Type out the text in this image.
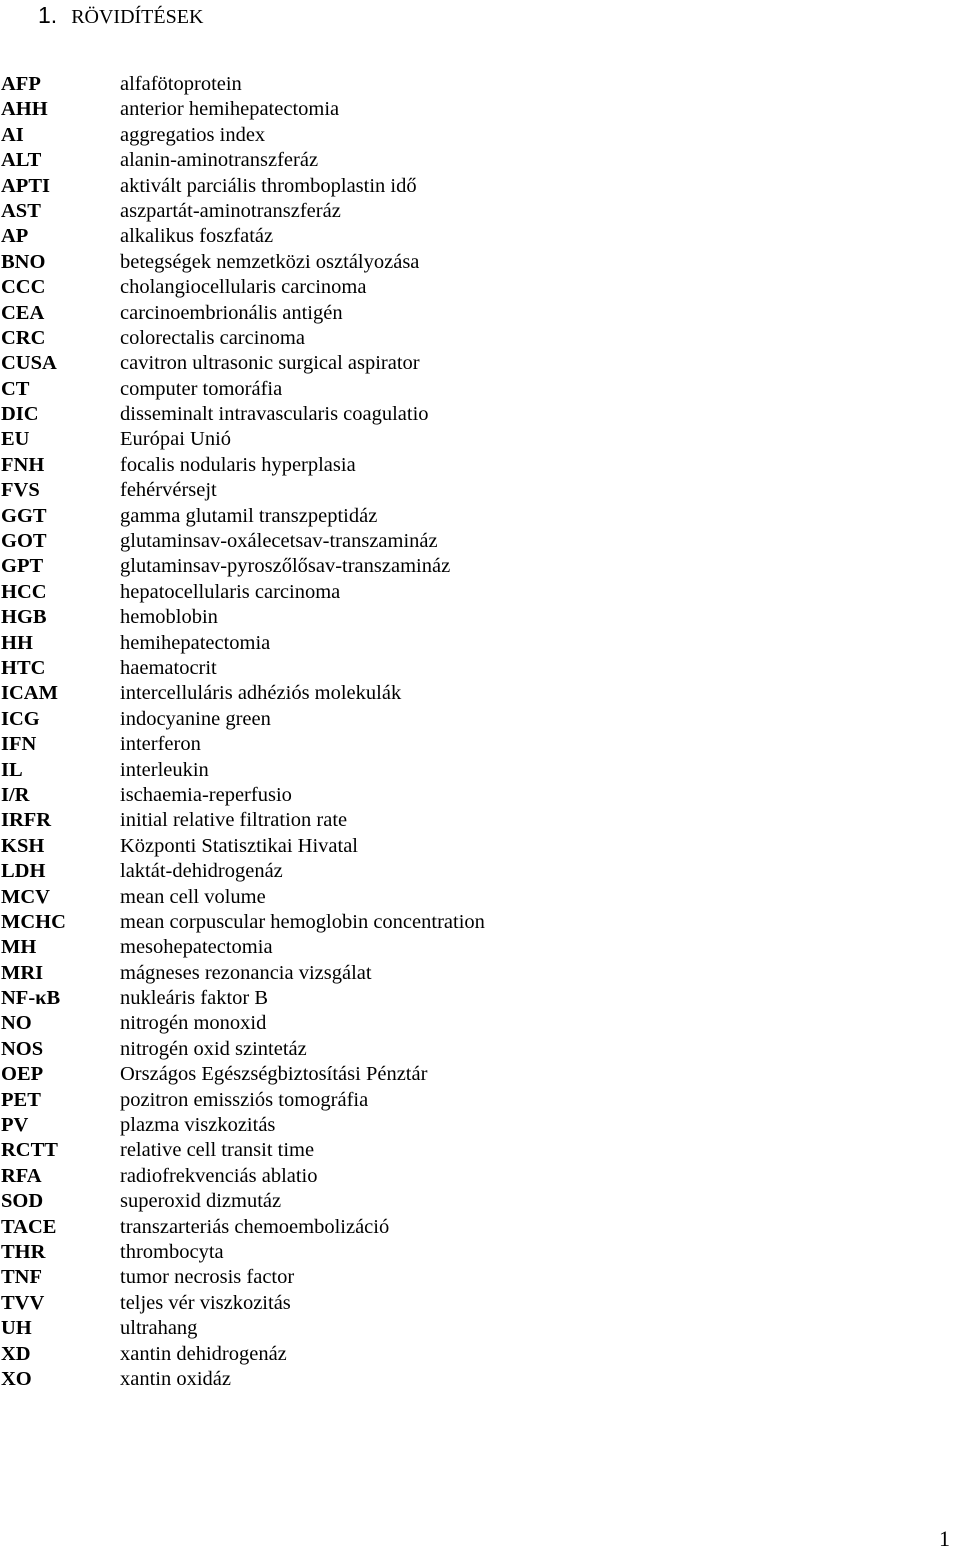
1. RÖVIDÍTÉSEK
AFP	alfafötoprotein
AHH	anterior hemihepatectomia
AI	aggregatios index
ALT	alanin-aminotranszferáz
APTI	aktivált parciális thromboplastin idő
AST	aszpartát-aminotranszferáz
AP	alkalikus foszfatáz
BNO	betegségek nemzetközi osztályozása
CCC	cholangiocellularis carcinoma
CEA	carcinoembrionális antigén
CRC	colorectalis carcinoma
CUSA	cavitron ultrasonic surgical aspirator
CT	computer tomoráfia
DIC	disseminalt intravascularis coagulatio
EU	Európai Unió
FNH	focalis nodularis hyperplasia
FVS	fehérvérsejt
GGT	gamma glutamil transzpeptidáz
GOT	glutaminsav-oxálecetsav-transzamináz
GPT	glutaminsav-pyroszőlősav-transzamináz
HCC	hepatocellularis carcinoma
HGB	hemoblobin
HH	hemihepatectomia
HTC	haematocrit
ICAM	intercelluláris adhéziós molekulák
ICG	indocyanine green
IFN	interferon
IL	interleukin
I/R	ischaemia-reperfusio
IRFR	initial relative filtration rate
KSH	Központi Statisztikai Hivatal
LDH	laktát-dehidrogenáz
MCV	mean cell volume
MCHC	mean corpuscular hemoglobin concentration
MH	mesohepatectomia
MRI	mágneses rezonancia vizsgálat
NF-κB	nukleáris faktor B
NO	nitrogén monoxid
NOS	nitrogén oxid szintetáz
OEP	Országos Egészségbiztosítási Pénztár
PET	pozitron emissziós tomográfia
PV	plazma viszkozitás
RCTT	relative cell transit time
RFA	radiofrekvenciás ablatio
SOD	superoxid dizmutáz
TACE	transzarteriás chemoembolizáció
THR	thrombocyta
TNF	tumor necrosis factor
TVV	teljes vér viszkozitás
UH	ultrahang
XD	xantin dehidrogenáz
XO	xantin oxidáz
1
